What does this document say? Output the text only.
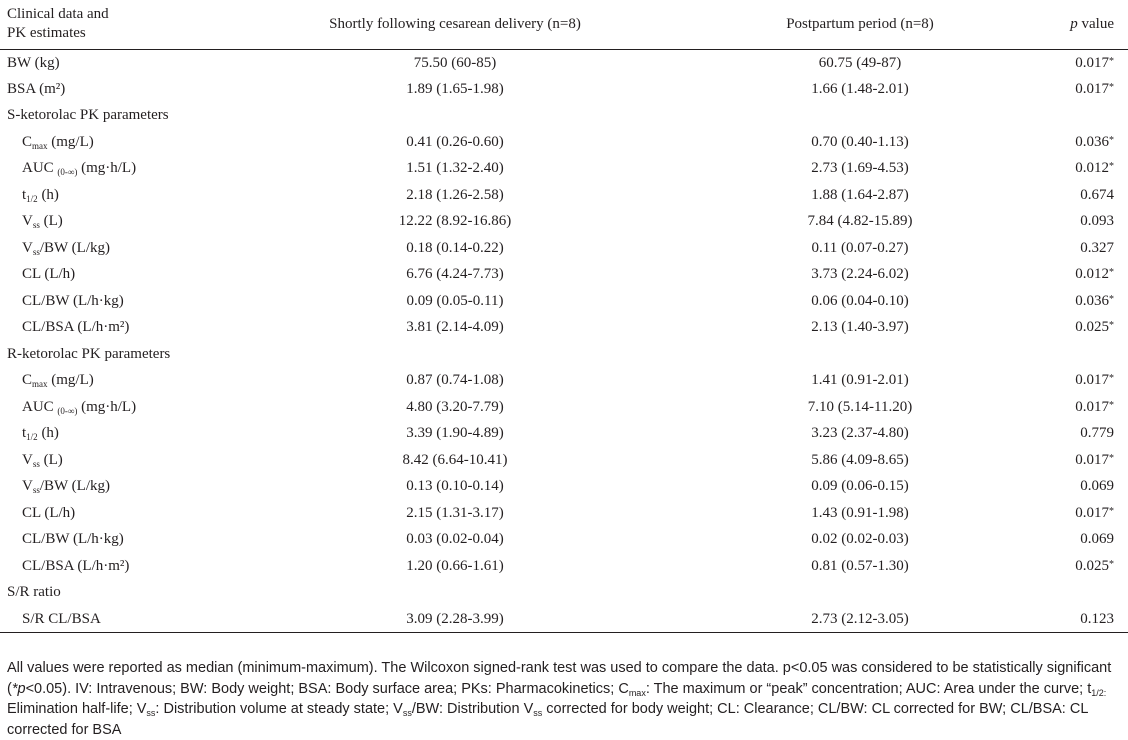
Clinical data and
PK estimates	Shortly following cesarean delivery (n=8)	Postpartum period (n=8)	p value
BW (kg)	75.50 (60-85)	60.75 (49-87)	0.017*
BSA (m²)	1.89 (1.65-1.98)	1.66 (1.48-2.01)	0.017*
S-ketorolac PK parameters			
$C_{max}$ (mg/L)	0.41 (0.26-0.60)	0.70 (0.40-1.13)	0.036*
AUC $_{(0-\infty)}$ (mg·h/L)	1.51 (1.32-2.40)	2.73 (1.69-4.53)	0.012*
$t_{1/2}$ (h)	2.18 (1.26-2.58)	1.88 (1.64-2.87)	0.674
$V_{ss}$ (L)	12.22 (8.92-16.86)	7.84 (4.82-15.89)	0.093
$V_{ss}/BW$ (L/kg)	0.18 (0.14-0.22)	0.11 (0.07-0.27)	0.327
CL (L/h)	6.76 (4.24-7.73)	3.73 (2.24-6.02)	0.012*
CL/BW (L/h·kg)	0.09 (0.05-0.11)	0.06 (0.04-0.10)	0.036*
CL/BSA (L/h·m²)	3.81 (2.14-4.09)	2.13 (1.40-3.97)	0.025*
R-ketorolac PK parameters			
$C_{max}$ (mg/L)	0.87 (0.74-1.08)	1.41 (0.91-2.01)	0.017*
AUC $_{(0-\infty)}$ (mg·h/L)	4.80 (3.20-7.79)	7.10 (5.14-11.20)	0.017*
$t_{1/2}$ (h)	3.39 (1.90-4.89)	3.23 (2.37-4.80)	0.779
$V_{ss}$ (L)	8.42 (6.64-10.41)	5.86 (4.09-8.65)	0.017*
$V_{ss}/BW$ (L/kg)	0.13 (0.10-0.14)	0.09 (0.06-0.15)	0.069
CL (L/h)	2.15 (1.31-3.17)	1.43 (0.91-1.98)	0.017*
CL/BW (L/h·kg)	0.03 (0.02-0.04)	0.02 (0.02-0.03)	0.069
CL/BSA (L/h·m²)	1.20 (0.66-1.61)	0.81 (0.57-1.30)	0.025*
S/R ratio			
S/R CL/BSA	3.09 (2.28-3.99)	2.73 (2.12-3.05)	0.123
All values were reported as median (minimum-maximum). The Wilcoxon signed-rank test was used to compare the data. p<0.05 was considered to be statistically significant (*p<0.05). IV: Intravenous; BW: Body weight; BSA: Body surface area; PKs: Pharmacokinetics; $C_{max}$: The maximum or “peak” concentration; AUC: Area under the curve; $t_{1/2:}$ Elimination half-life; $V_{ss}$: Distribution volume at steady state; $V_{ss}/BW$: Distribution $V_{ss}$ corrected for body weight; CL: Clearance; CL/BW: CL corrected for BW; CL/BSA: CL corrected for BSA
